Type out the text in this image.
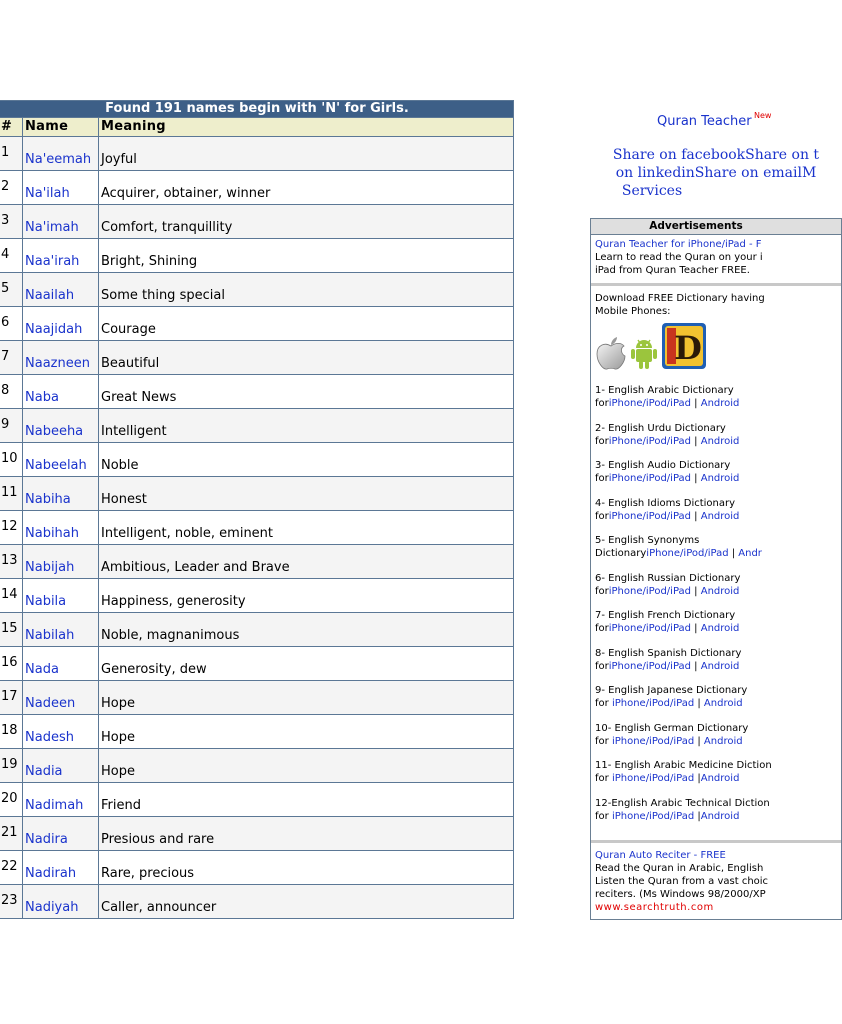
Found 191 names begin with 'N' for Girls.		
#	Name	Meaning

1	Na'eemah	Joyful

2	Na'ilah	Acquirer, obtainer, winner

3	Na'imah	Comfort, tranquillity

4	Naa'irah	Bright, Shining

5	Naailah	Some thing special

6	Naajidah	Courage

7	Naazneen	Beautiful

8	Naba	Great News

9	Nabeeha	Intelligent

10	Nabeelah	Noble

11	Nabiha	Honest

12	Nabihah	Intelligent, noble, eminent

13	Nabijah	Ambitious, Leader and Brave

14	Nabila	Happiness, generosity

15	Nabilah	Noble, magnanimous

16	Nada	Generosity, dew

17	Nadeen	Hope

18	Nadesh	Hope

19	Nadia	Hope

20	Nadimah	Friend

21	Nadira	Presious and rare

22	Nadirah	Rare, precious

23	Nadiyah	Caller, announcer
Quran Teacher New
Share on facebookShare on t
on linkedinShare on emailM
Services
Advertisements
Quran Teacher for iPhone/iPad - F
Learn to read the Quran on your i
iPad from Quran Teacher FREE.
Download FREE Dictionary having
Mobile Phones:
D
1- English Arabic Dictionary
foriPhone/iPod/iPad | Android
2- English Urdu Dictionary
foriPhone/iPod/iPad | Android
3- English Audio Dictionary
foriPhone/iPod/iPad | Android
4- English Idioms Dictionary
foriPhone/iPod/iPad | Android
5- English Synonyms
DictionaryiPhone/iPod/iPad | Andr
6- English Russian Dictionary
foriPhone/iPod/iPad | Android
7- English French Dictionary
foriPhone/iPod/iPad | Android
8- English Spanish Dictionary
foriPhone/iPod/iPad | Android
9- English Japanese Dictionary
for iPhone/iPod/iPad | Android
10- English German Dictionary
for iPhone/iPod/iPad | Android
11- English Arabic Medicine Diction
for iPhone/iPod/iPad |Android
12-English Arabic Technical Diction
for iPhone/iPod/iPad |Android
Quran Auto Reciter - FREE
Read the Quran in Arabic, English
Listen the Quran from a vast choic
reciters. (Ms Windows 98/2000/XP
www.searchtruth.com
